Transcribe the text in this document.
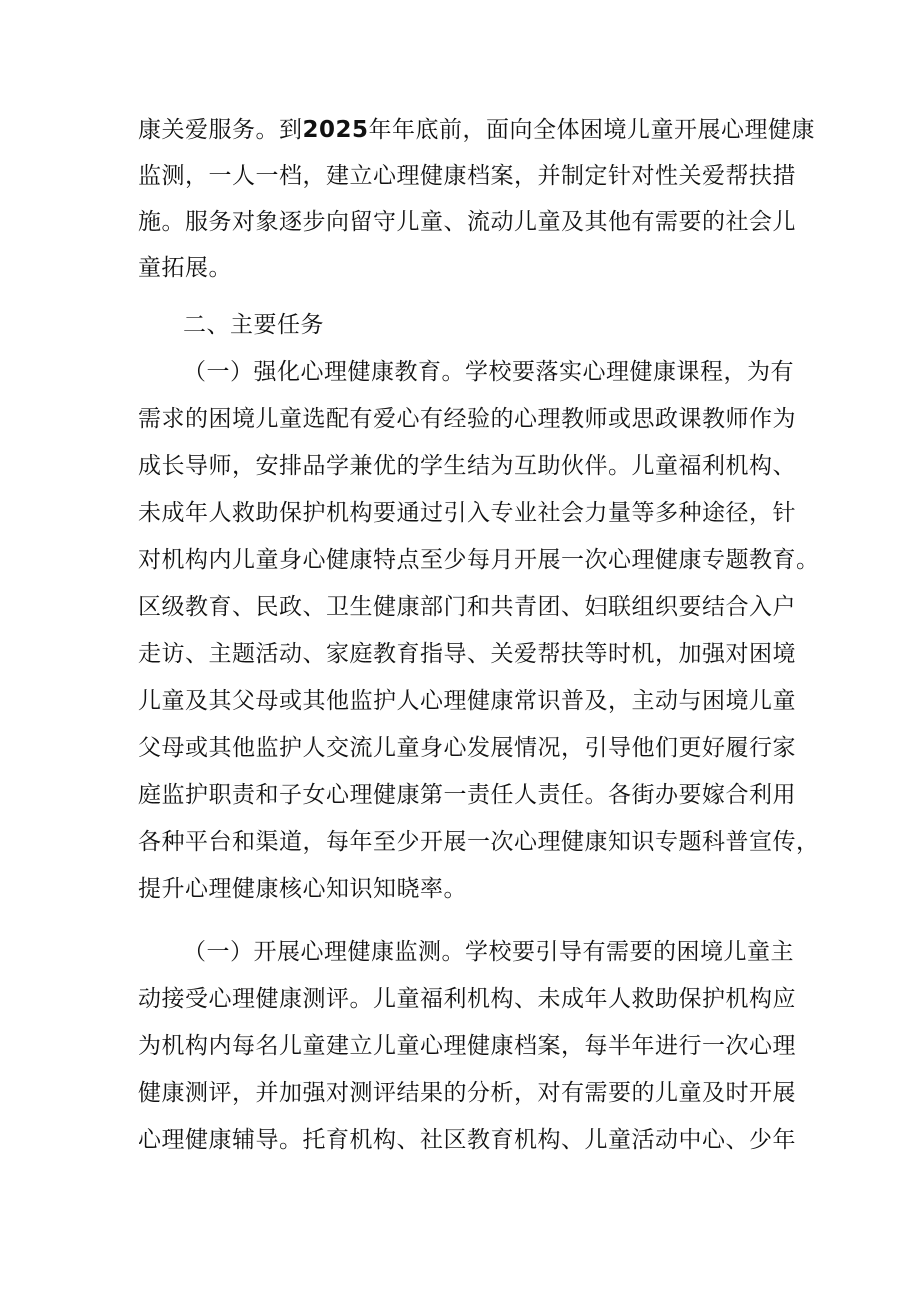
康关爱服务。到2025年年底前，面向全体困境儿童开展心理健康
监测，一人一档，建立心理健康档案，并制定针对性关爱帮扶措
施。服务对象逐步向留守儿童、流动儿童及其他有需要的社会儿
童拓展。
二、主要任务
（一）强化心理健康教育。学校要落实心理健康课程，为有
需求的困境儿童选配有爱心有经验的心理教师或思政课教师作为
成长导师，安排品学兼优的学生结为互助伙伴。儿童福利机构、
未成年人救助保护机构要通过引入专业社会力量等多种途径，针
对机构内儿童身心健康特点至少每月开展一次心理健康专题教育。
区级教育、民政、卫生健康部门和共青团、妇联组织要结合入户
走访、主题活动、家庭教育指导、关爱帮扶等时机，加强对困境
儿童及其父母或其他监护人心理健康常识普及，主动与困境儿童
父母或其他监护人交流儿童身心发展情况，引导他们更好履行家
庭监护职责和子女心理健康第一责任人责任。各街办要嫁合利用
各种平台和渠道，每年至少开展一次心理健康知识专题科普宣传，
提升心理健康核心知识知晓率。
（一）开展心理健康监测。学校要引导有需要的困境儿童主
动接受心理健康测评。儿童福利机构、未成年人救助保护机构应
为机构内每名儿童建立儿童心理健康档案，每半年进行一次心理
健康测评，并加强对测评结果的分析，对有需要的儿童及时开展
心理健康辅导。托育机构、社区教育机构、儿童活动中心、少年
